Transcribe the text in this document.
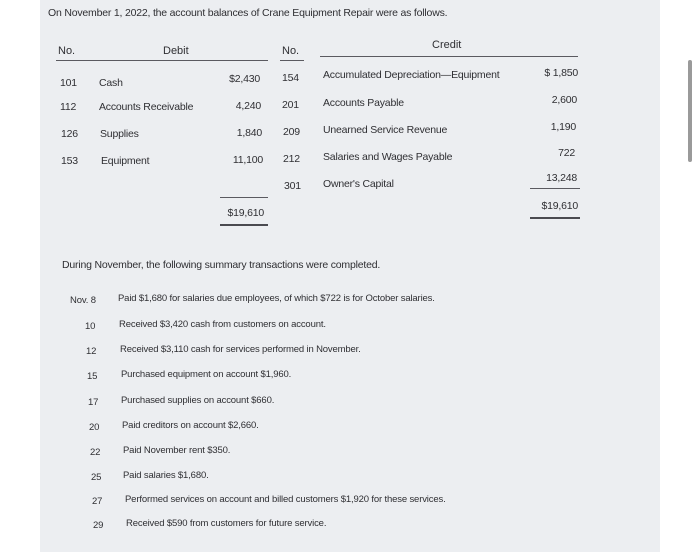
On November 1, 2022, the account balances of Crane Equipment Repair were as follows.
No.	Debit	No.	Credit
101 Cash	$2,430
112 Accounts Receivable	4,240
126 Supplies	1,840
153 Equipment	11,100
$19,610
154 Accumulated Depreciation—Equipment	$ 1,850
201 Accounts Payable	2,600
209 Unearned Service Revenue	1,190
212 Salaries and Wages Payable	722
301 Owner's Capital	13,248
$19,610
During November, the following summary transactions were completed.
Nov. 8 Paid $1,680 for salaries due employees, of which $722 is for October salaries.
10 Received $3,420 cash from customers on account.
12 Received $3,110 cash for services performed in November.
15 Purchased equipment on account $1,960.
17 Purchased supplies on account $660.
20 Paid creditors on account $2,660.
22 Paid November rent $350.
25 Paid salaries $1,680.
27 Performed services on account and billed customers $1,920 for these services.
29 Received $590 from customers for future service.
